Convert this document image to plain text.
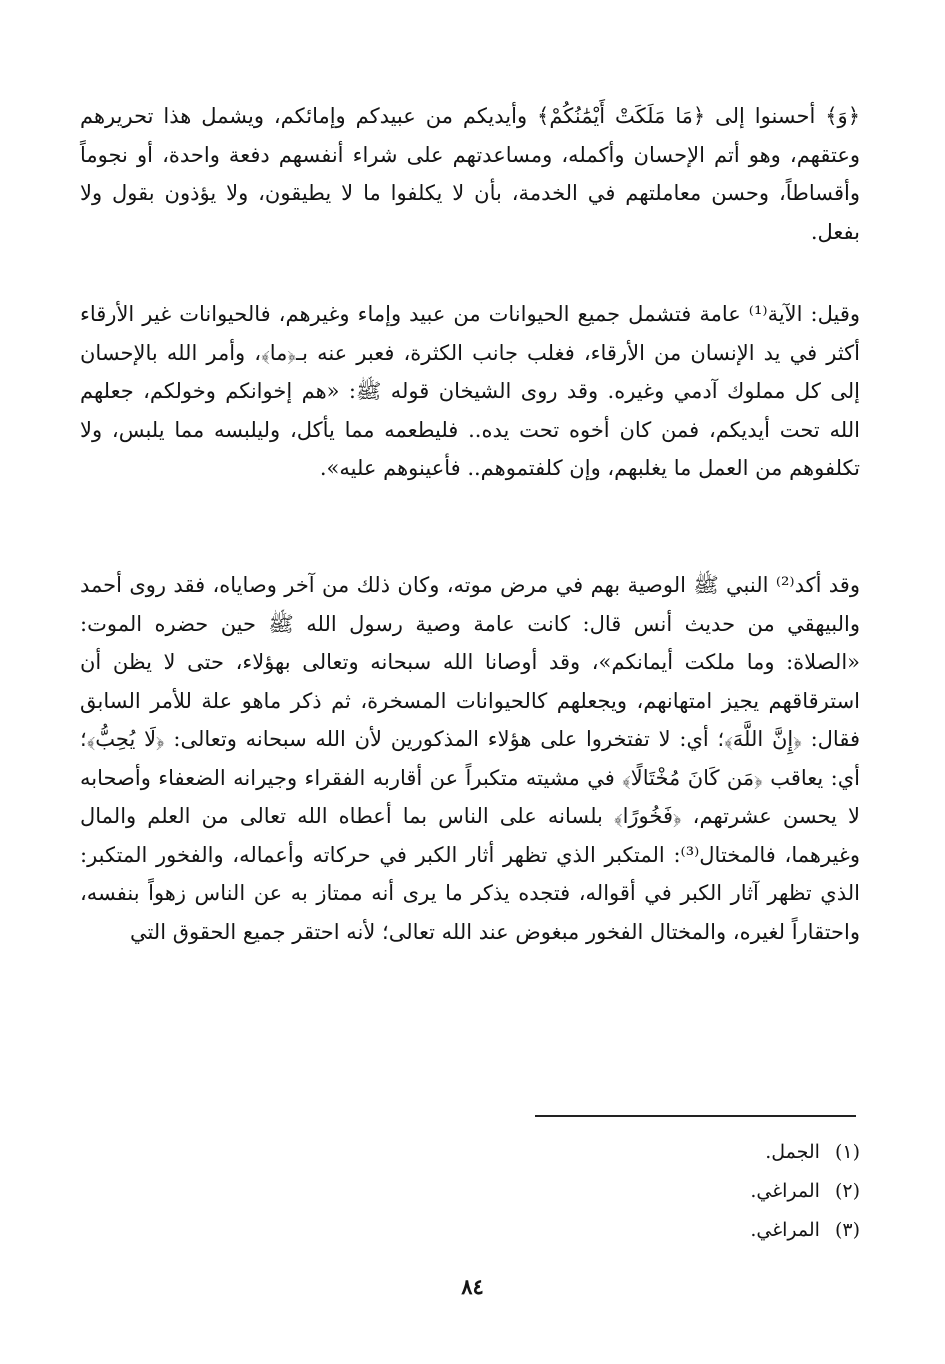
﴿وَ﴾ أحسنوا إلى ﴿مَا مَلَكَتْ أَيْمَٰنُكُمْ﴾ وأيديكم من عبيدكم وإمائكم، ويشمل هذا تحريرهم وعتقهم، وهو أتم الإحسان وأكمله، ومساعدتهم على شراء أنفسهم دفعة واحدة، أو نجوماً وأقساطاً، وحسن معاملتهم في الخدمة، بأن لا يكلفوا ما لا يطيقون، ولا يؤذون بقول ولا بفعل.

وقيل: الآية⁽¹⁾ عامة فتشمل جميع الحيوانات من عبيد وإماء وغيرهم، فالحيوانات غير الأرقاء أكثر في يد الإنسان من الأرقاء، فغلب جانب الكثرة، فعبر عنه بـ﴿ما﴾، وأمر الله بالإحسان إلى كل مملوك آدمي وغيره. وقد روى الشيخان قوله ﷺ: «هم إخوانكم وخولكم، جعلهم الله تحت أيديكم، فمن كان أخوه تحت يده.. فليطعمه مما يأكل، وليلبسه مما يلبس، ولا تكلفوهم من العمل ما يغلبهم، وإن كلفتموهم.. فأعينوهم عليه».

وقد أكد⁽²⁾ النبي ﷺ الوصية بهم في مرض موته، وكان ذلك من آخر وصاياه، فقد روى أحمد والبيهقي من حديث أنس قال: كانت عامة وصية رسول الله ﷺ حين حضره الموت: «الصلاة: وما ملكت أيمانكم»، وقد أوصانا الله سبحانه وتعالى بهؤلاء، حتى لا يظن أن استرقاقهم يجيز امتهانهم، ويجعلهم كالحيوانات المسخرة، ثم ذكر ماهو علة للأمر السابق فقال: ﴿إِنَّ اللَّهَ﴾؛ أي: لا تفتخروا على هؤلاء المذكورين لأن الله سبحانه وتعالى: ﴿لَا يُحِبُّ﴾؛ أي: يعاقب ﴿مَن كَانَ مُخْتَالًا﴾ في مشيته متكبراً عن أقاربه الفقراء وجيرانه الضعفاء وأصحابه لا يحسن عشرتهم، ﴿فَخُورًا﴾ بلسانه على الناس بما أعطاه الله تعالى من العلم والمال وغيرهما، فالمختال⁽³⁾: المتكبر الذي تظهر أثار الكبر في حركاته وأعماله، والفخور المتكبر: الذي تظهر آثار الكبر في أقواله، فتجده يذكر ما يرى أنه ممتاز به عن الناس زهواً بنفسه، واحتقاراً لغيره، والمختال الفخور مبغوض عند الله تعالى؛ لأنه احتقر جميع الحقوق التي

(١) الجمل.
(٢) المراغي.
(٣) المراغي.
٨٤
